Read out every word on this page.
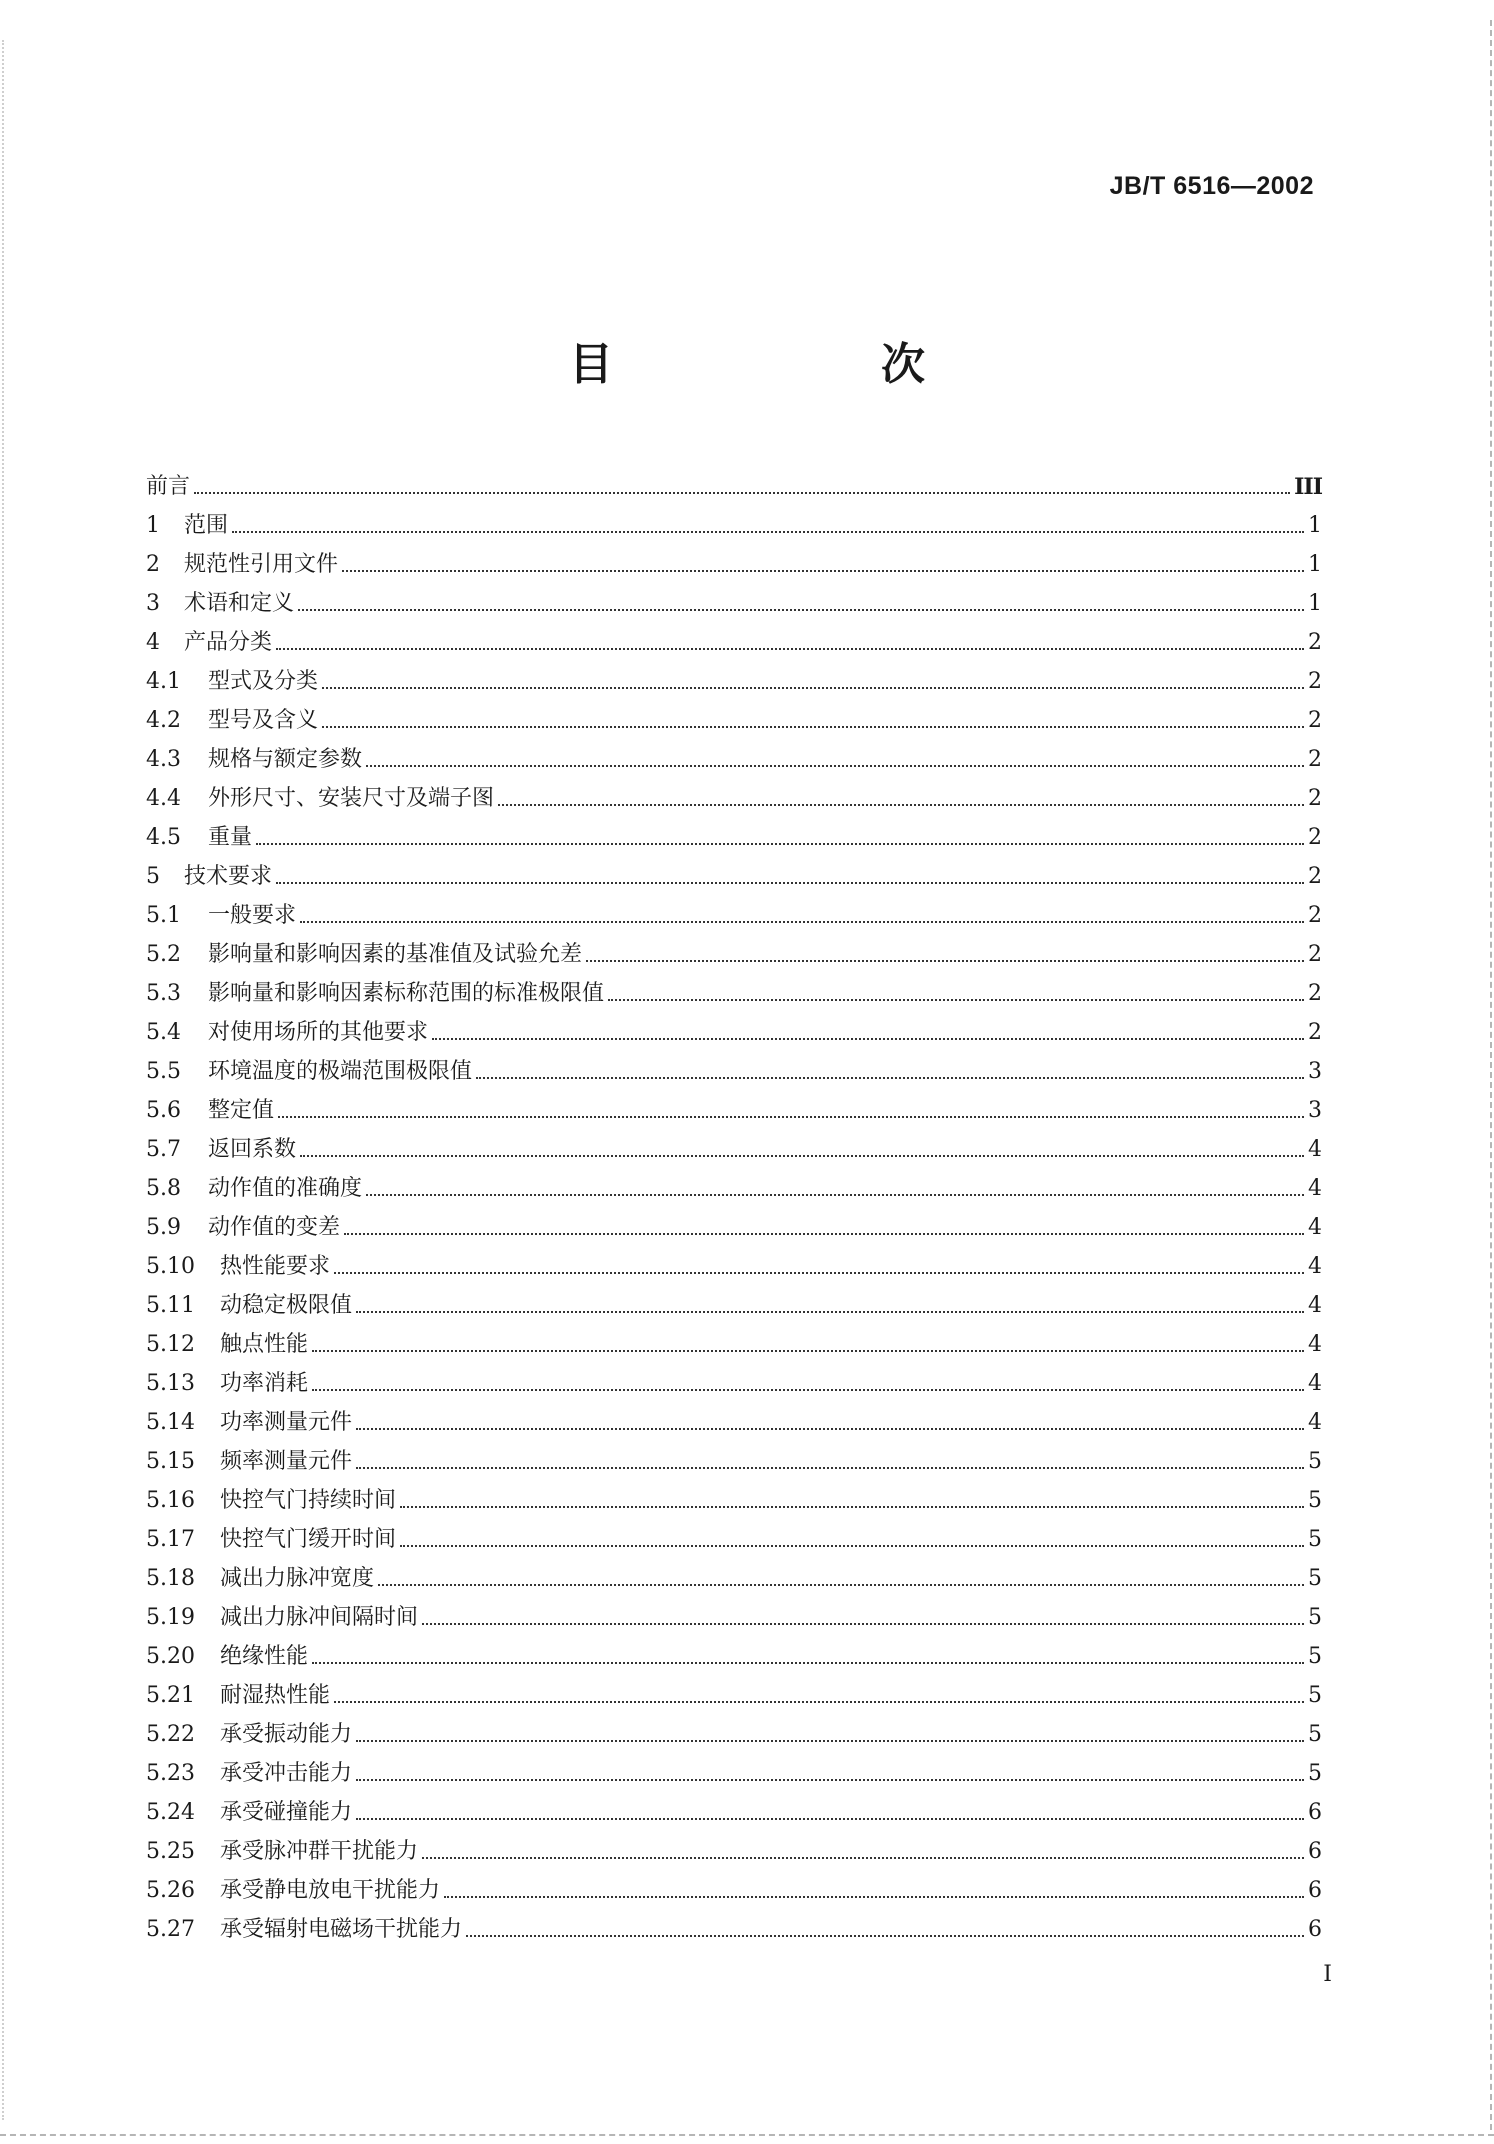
JB/T 6516—2002
目　　次
前言	III
1	范围	1
2	规范性引用文件	1
3	术语和定义	1
4	产品分类	2
4.1	型式及分类	2
4.2	型号及含义	2
4.3	规格与额定参数	2
4.4	外形尺寸、安装尺寸及端子图	2
4.5	重量	2
5	技术要求	2
5.1	一般要求	2
5.2	影响量和影响因素的基准值及试验允差	2
5.3	影响量和影响因素标称范围的标准极限值	2
5.4	对使用场所的其他要求	2
5.5	环境温度的极端范围极限值	3
5.6	整定值	3
5.7	返回系数	4
5.8	动作值的准确度	4
5.9	动作值的变差	4
5.10	热性能要求	4
5.11	动稳定极限值	4
5.12	触点性能	4
5.13	功率消耗	4
5.14	功率测量元件	4
5.15	频率测量元件	5
5.16	快控气门持续时间	5
5.17	快控气门缓开时间	5
5.18	减出力脉冲宽度	5
5.19	减出力脉冲间隔时间	5
5.20	绝缘性能	5
5.21	耐湿热性能	5
5.22	承受振动能力	5
5.23	承受冲击能力	5
5.24	承受碰撞能力	6
5.25	承受脉冲群干扰能力	6
5.26	承受静电放电干扰能力	6
5.27	承受辐射电磁场干扰能力	6
I
